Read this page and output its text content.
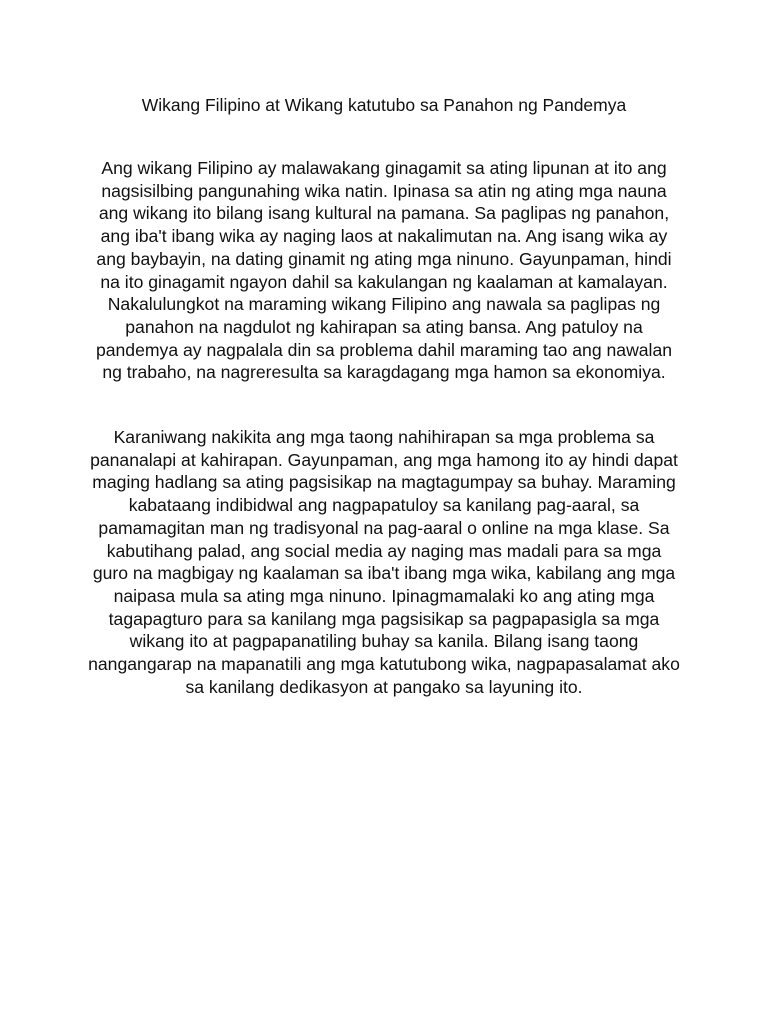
Wikang Filipino at Wikang katutubo sa Panahon ng Pandemya

Ang wikang Filipino ay malawakang ginagamit sa ating lipunan at ito ang nagsisilbing pangunahing wika natin. Ipinasa sa atin ng ating mga nauna ang wikang ito bilang isang kultural na pamana. Sa paglipas ng panahon, ang iba't ibang wika ay naging laos at nakalimutan na. Ang isang wika ay ang baybayin, na dating ginamit ng ating mga ninuno. Gayunpaman, hindi na ito ginagamit ngayon dahil sa kakulangan ng kaalaman at kamalayan. Nakalulungkot na maraming wikang Filipino ang nawala sa paglipas ng panahon na nagdulot ng kahirapan sa ating bansa. Ang patuloy na pandemya ay nagpalala din sa problema dahil maraming tao ang nawalan ng trabaho, na nagreresulta sa karagdagang mga hamon sa ekonomiya.

Karaniwang nakikita ang mga taong nahihirapan sa mga problema sa pananalapi at kahirapan. Gayunpaman, ang mga hamong ito ay hindi dapat maging hadlang sa ating pagsisikap na magtagumpay sa buhay. Maraming kabataang indibidwal ang nagpapatuloy sa kanilang pag-aaral, sa pamamagitan man ng tradisyonal na pag-aaral o online na mga klase. Sa kabutihang palad, ang social media ay naging mas madali para sa mga guro na magbigay ng kaalaman sa iba't ibang mga wika, kabilang ang mga naipasa mula sa ating mga ninuno. Ipinagmamalaki ko ang ating mga tagapagturo para sa kanilang mga pagsisikap sa pagpapasigla sa mga wikang ito at pagpapanatiling buhay sa kanila. Bilang isang taong nangangarap na mapanatili ang mga katutubong wika, nagpapasalamat ako sa kanilang dedikasyon at pangako sa layuning ito.
